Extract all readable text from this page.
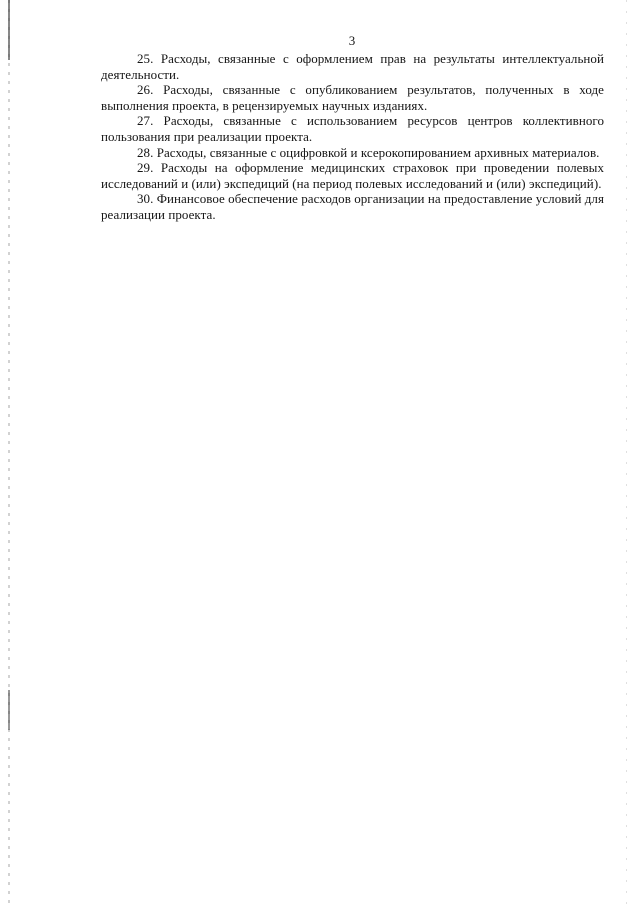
3

25. Расходы, связанные с оформлением прав на результаты интеллектуальной деятельности.

26. Расходы, связанные с опубликованием результатов, полученных в ходе выполнения проекта, в рецензируемых научных изданиях.

27. Расходы, связанные с использованием ресурсов центров коллективного пользования при реализации проекта.

28. Расходы, связанные с оцифровкой и ксерокопированием архивных материалов.

29. Расходы на оформление медицинских страховок при проведении полевых исследований и (или) экспедиций (на период полевых исследований и (или) экспедиций).

30. Финансовое обеспечение расходов организации на предоставление условий для реализации проекта.
